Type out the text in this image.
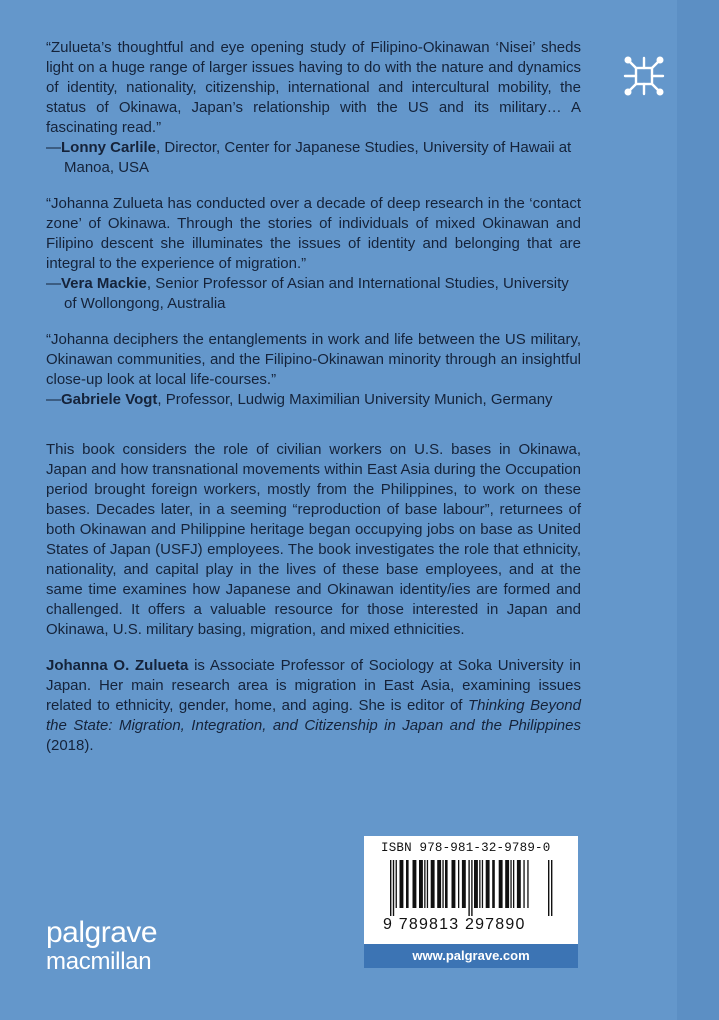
“Zulueta’s thoughtful and eye opening study of Filipino-Okinawan ‘Nisei’ sheds light on a huge range of larger issues having to do with the nature and dynamics of identity, nationality, citizenship, international and intercultural mobility, the status of Okinawa, Japan’s relationship with the US and its military… A fascinating read.”

—Lonny Carlile, Director, Center for Japanese Studies, University of Hawaii at Manoa, USA

“Johanna Zulueta has conducted over a decade of deep research in the ‘contact zone’ of Okinawa. Through the stories of individuals of mixed Okinawan and Filipino descent she illuminates the issues of identity and belonging that are integral to the experience of migration.”

—Vera Mackie, Senior Professor of Asian and International Studies, University of Wollongong, Australia

“Johanna deciphers the entanglements in work and life between the US military, Okinawan communities, and the Filipino-Okinawan minority through an insightful close-up look at local life-courses.”

—Gabriele Vogt, Professor, Ludwig Maximilian University Munich, Germany

This book considers the role of civilian workers on U.S. bases in Okinawa, Japan and how transnational movements within East Asia during the Occupation period brought foreign workers, mostly from the Philippines, to work on these bases. Decades later, in a seeming “reproduction of base labour”, returnees of both Okinawan and Philippine heritage began occupying jobs on base as United States of Japan (USFJ) employees. The book investigates the role that ethnicity, nationality, and capital play in the lives of these base employees, and at the same time examines how Japanese and Okinawan identity/ies are formed and challenged. It offers a valuable resource for those interested in Japan and Okinawa, U.S. military basing, migration, and mixed ethnicities.

Johanna O. Zulueta is Associate Professor of Sociology at Soka University in Japan. Her main research area is migration in East Asia, examining issues related to ethnicity, gender, home, and aging. She is editor of Thinking Beyond the State: Migration, Integration, and Citizenship in Japan and the Philippines (2018).

ISBN 978-981-32-9789-0
9 789813 297890
www.palgrave.com
palgrave
macmillan
